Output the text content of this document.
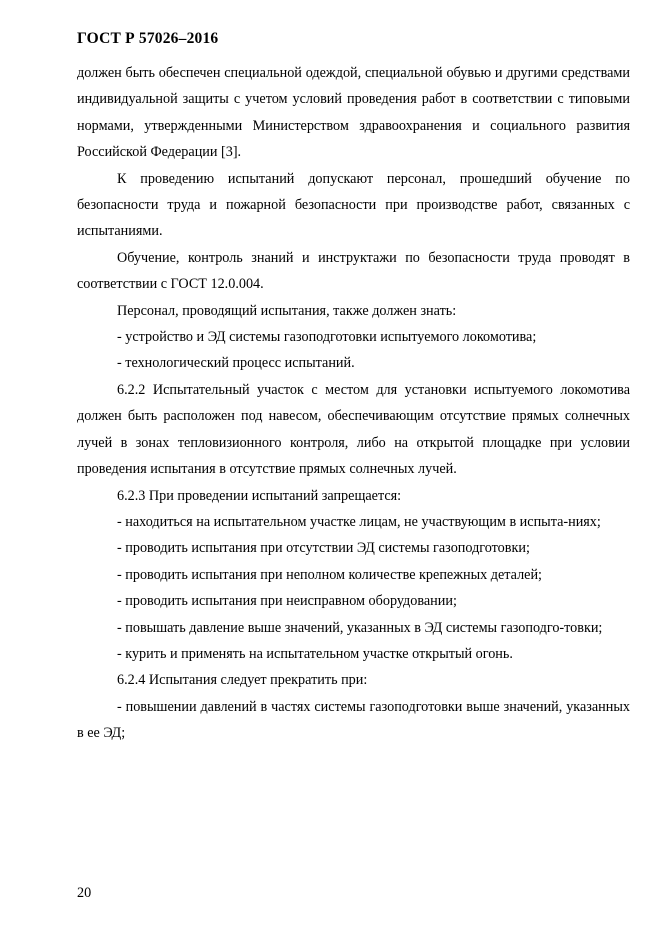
ГОСТ Р 57026–2016

должен быть обеспечен специальной одеждой, специальной обувью и другими средствами индивидуальной защиты с учетом условий проведения работ в соответствии с типовыми нормами, утвержденными Министерством здравоохранения и социального развития Российской Федерации [3].

К проведению испытаний допускают персонал, прошедший обучение по безопасности труда и пожарной безопасности при производстве работ, связанных с испытаниями.

Обучение, контроль знаний и инструктажи по безопасности труда проводят в соответствии с ГОСТ 12.0.004.

Персонал, проводящий испытания, также должен знать:

- устройство и ЭД системы газоподготовки испытуемого локомотива;

- технологический процесс испытаний.

6.2.2 Испытательный участок с местом для установки испытуемого локомотива должен быть расположен под навесом, обеспечивающим отсутствие прямых солнечных лучей в зонах тепловизионного контроля, либо на открытой площадке при условии проведения испытания в отсутствие прямых солнечных лучей.

6.2.3 При проведении испытаний запрещается:

- находиться на испытательном участке лицам, не участвующим в испыта-ниях;

- проводить испытания при отсутствии ЭД системы газоподготовки;

- проводить испытания при неполном количестве крепежных деталей;

- проводить испытания при неисправном оборудовании;

- повышать давление выше значений, указанных в ЭД системы газоподго-товки;

- курить и применять на испытательном участке открытый огонь.

6.2.4 Испытания следует прекратить при:

- повышении давлений в частях системы газоподготовки выше значений, указанных в ее ЭД;

20
